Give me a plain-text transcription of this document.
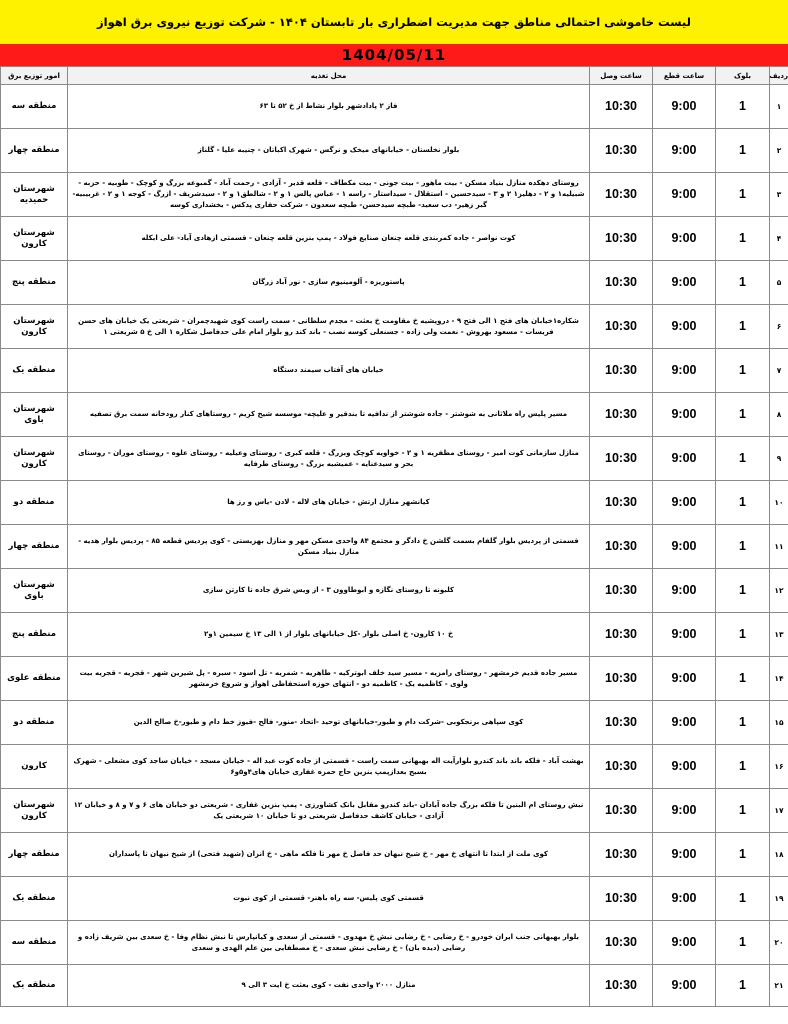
لیست خاموشی احتمالی مناطق جهت مدیریت اضطراری بار تابستان ۱۴۰۴ - شرکت توزیع نیروی برق اهواز
1404/05/11
ردیف	بلوک	ساعت قطع	ساعت وصل	محل تغذیه	امور توزیع برق
۱	1	9:00	10:30	فاز ۲ پادادشهر بلوار نشاط از خ ۵۲ تا ۶۳	منطقه سه
۲	1	9:00	10:30	بلوار نخلستان - خیابانهای میخک و نرگس - شهرک اکباتان - چنیبه علیا - گلناز	منطقه چهار
۳	1	9:00	10:30	روستای دهکده منازل بنیاد مسکن - بیت ماهور - بیت جونی - بیت مکطاف - قلعه قدیر - آزادی - رحمت آباد - گمبوعه بزرگ و کوچک - طوبیه - حزبه - شبیلیه۱ و ۲ - دهلیز۱ ۲ و ۳ - سیدحسین - استقلال - سیداستار - راسه ۱ - عباس پالس ۱ و ۲ - شالطق۱ و ۲ - سیدشریف - ازرگ - کوجه ۱ و ۲ - غربیبیه- گبر زهیر- دب سعید- طبچه سیدحسن- طبچه سعدون - شرکت حفاری پدکس - بخشداری کوسه	شهرستان حمیدیه
۴	1	9:00	10:30	کوت نواصر - جاده کمربندی قلعه چنعان صنایع فولاد - پمپ بنزین قلعه چنعان - قسمتی ازهادی آباد- علی ابکله	شهرستان کارون
۵	1	9:00	10:30	پاستوریزه - آلومینیوم سازی - نور آباد زرگان	منطقه پنج
۶	1	9:00	10:30	شکاره۱خیابان های فتح ۱ الی فتح ۹ - دروپشیه خ مقاومت خ بعثت - مجدم سلطانی - سمت راست کوی شهیدچمران - شریعتی یک خیابان های حسن فریسات - مسعود بهروش - نعمت ولی زاده - جسنعلی کوسه نصب - باند کند رو بلوار امام علی حدفاصل شکاره ۱ الی خ ۵ شریعتی ۱	شهرستان کارون
۷	1	9:00	10:30	خیابان های آفتاب سیمند دستگاه	منطقه یک
۸	1	9:00	10:30	مسیر پلیس راه ملاثانی به شوشتر - جاده شوشتر از ندافیه تا بندقیر و علیچه- موسسه شیخ کریم - روستاهای کنار رودخانه سمت برق تصفیه	شهرستان باوی
۹	1	9:00	10:30	منازل سازمانی کوت امیر - روستای مظفریه ۱ و ۲ - خواویه کوچک وبزرگ - قلعه کبری - روستای وعیلیه - روستای علوه - روستای موران - روستای بحر و سیدعنایه - عمیشیه بزرگ - روستای طرفایه	شهرستان کارون
۱۰	1	9:00	10:30	کیانشهر منازل ارتش - خیابان های لاله - لادن -یاس و رز ها	منطقه دو
۱۱	1	9:00	10:30	قسمتی از پردیس بلوار گلفام بسمت گلشن خ دادگر و مجتمع ۸۴ واحدی مسکن مهر و منازل بهزیستی - کوی پردیس قطعه ۸۵ - پردیس بلوار هدیه - منازل بنیاد مسکن	منطقه چهار
۱۲	1	9:00	10:30	کلبونه تا روستای نگازه و ابوطاوون ۳ - از ویس شرق جاده تا کارتن سازی	شهرستان باوی
۱۳	1	9:00	10:30	خ ۱۰ کارون- خ اصلی بلوار -کل خیابانهای بلوار از ۱ الی ۱۳ خ سیمین ۱و۲	منطقه پنج
۱۴	1	9:00	10:30	مسیر جاده قدیم خرمشهر - روستای رامزیه - مسیر سید خلف ابوترکیه - طاهریه - شمریه - تل اسود - سیره - پل شیرین شهر - قجریه - قجریه بیت ولوی - کاظمیه یک - کاظمیه دو - انتهای حوزه استحفاظی اهواز و شروع خرمشهر	منطقه علوی
۱۵	1	9:00	10:30	کوی سپاهی برنجکوبی -شرکت دام و طیور-خیابانهای توحید -اتحاد -منور- فالح -فیوز خط دام و طیور-خ صالح الدین	منطقه دو
۱۶	1	9:00	10:30	بهشت آباد - فلکه باند باند کندرو بلوارآیت اله بهبهانی سمت راست - قسمتی از جاده کوت عبد اله - خیابان مسجد - خیابان ساجد کوی مشعلی - شهرک بسیج بعدازپمپ بنزین حاج حمزه غفاری خیابان های۴و۵و۶	کارون
۱۷	1	9:00	10:30	نبش روستای ام البنین تا فلکه بزرگ جاده آبادان -باند کندرو مقابل بانک کشاورزی - پمپ بنزین غفاری - شریعتی دو خیابان های ۶ و ۷ و ۸ و خیابان ۱۲ آزادی - خیابان کاشف حدفاصل شریعتی دو تا خیابان ۱۰ شریعتی یک	شهرستان کارون
۱۸	1	9:00	10:30	کوی ملت از ابتدا تا انتهای خ مهر - خ شیخ نبهان حد فاصل خ مهر تا فلکه ماهی - خ انزان (شهید فتحی) از شیخ نبهان تا پاسداران	منطقه چهار
۱۹	1	9:00	10:30	قسمتی کوی پلیس- سه راه باهنر- قسمتی از کوی نبوت	منطقه یک
۲۰	1	9:00	10:30	بلوار بهبهانی جنب ایران خودرو - خ رضایی - خ رضایی نبش خ مهدوی - قسمتی از سعدی و کیانپارس تا نبش نظام وفا - خ سعدی بین شریف زاده و رضایی (دیده بان) - خ رضایی نبش سعدی - خ مصطفایی بین علم الهدی و سعدی	منطقه سه
۲۱	1	9:00	10:30	منازل ۲۰۰۰ واحدی نفت - کوی بعثت خ ایت ۳ الی ۹	منطقه یک
